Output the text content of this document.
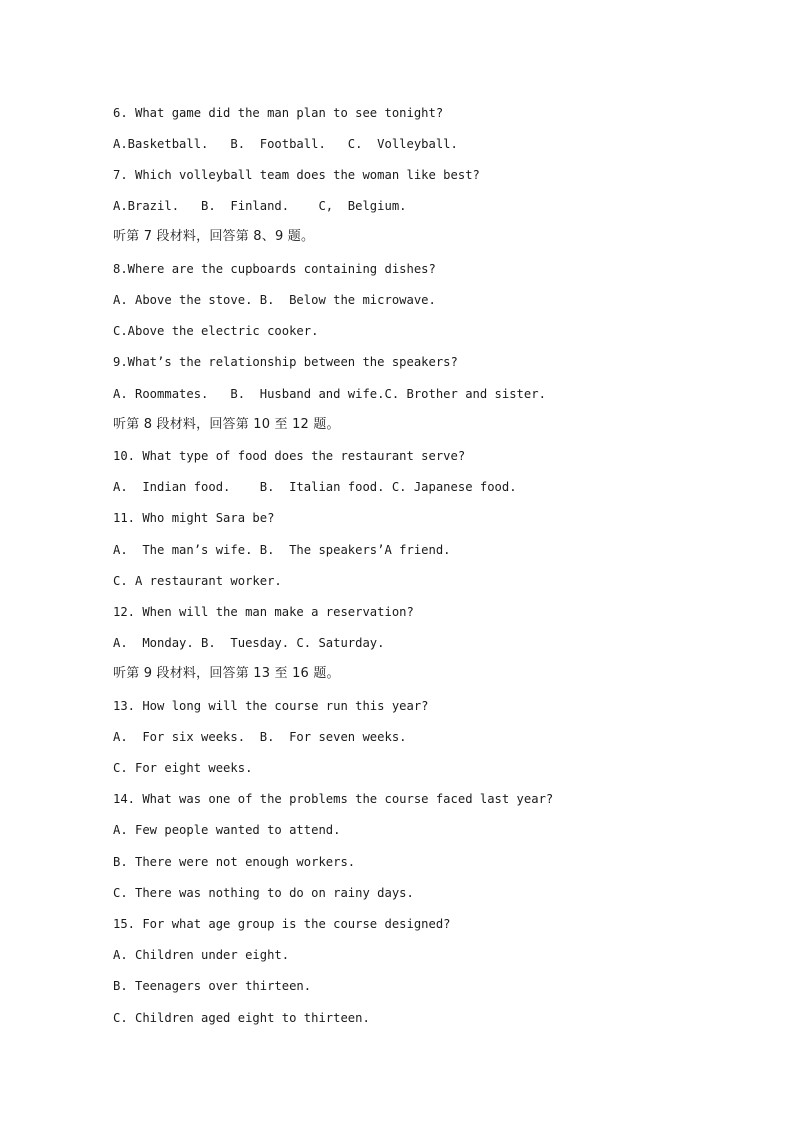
6. What game did the man plan to see tonight?
A.Basketball.   B.  Football.   C.  Volleyball.
7. Which volleyball team does the woman like best?
A.Brazil.   B.  Finland.    C,  Belgium.
听第 7 段材料，回答第 8、9 题。
8.Where are the cupboards containing dishes?
A. Above the stove. B.  Below the microwave.
C.Above the electric cooker.
9.What’s the relationship between the speakers?
A. Roommates.   B.  Husband and wife.C. Brother and sister.
听第 8 段材料，回答第 10 至 12 题。
10. What type of food does the restaurant serve?
A.  Indian food.    B.  Italian food. C. Japanese food.
11. Who might Sara be?
A.  The man’s wife. B.  The speakers’A friend.
C. A restaurant worker.
12. When will the man make a reservation?
A.  Monday. B.  Tuesday. C. Saturday.
听第 9 段材料，回答第 13 至 16 题。
13. How long will the course run this year?
A.  For six weeks.  B.  For seven weeks.
C. For eight weeks.
14. What was one of the problems the course faced last year?
A. Few people wanted to attend.
B. There were not enough workers.
C. There was nothing to do on rainy days.
15. For what age group is the course designed?
A. Children under eight.
B. Teenagers over thirteen.
C. Children aged eight to thirteen.
